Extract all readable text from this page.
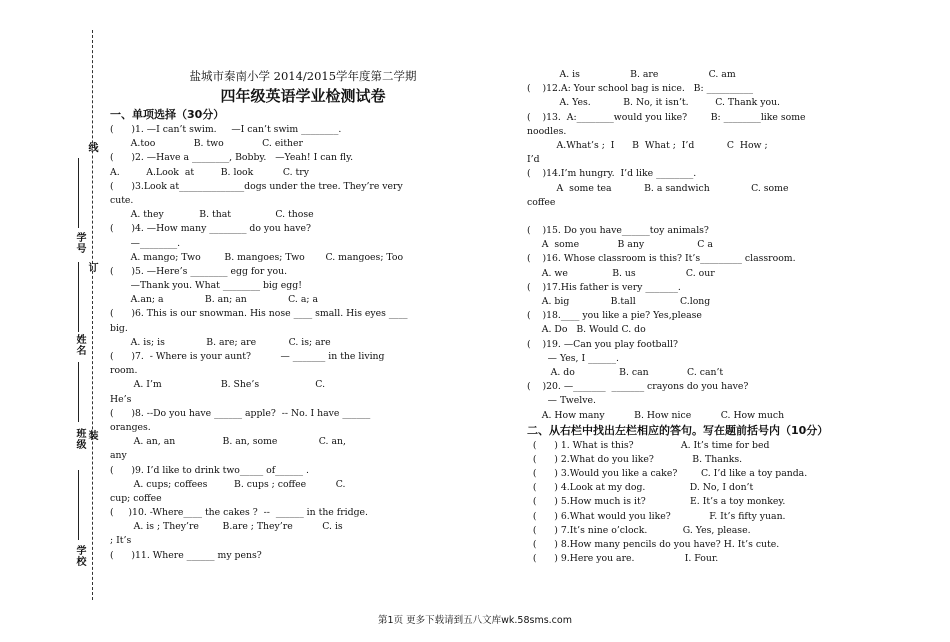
线
订
装
学号
姓名
班级
学校
盐城市秦南小学 2014/2015学年度第二学期
四年级英语学业检测试卷
一、单项选择（30分）
(      )1. —I can’t swim.     —I can’t swim ________.
A.too             B. two             C. either
(      )2. —Have a ________, Bobby.   —Yeah! I can fly.
A.         A.Look  at         B. look          C. try
(      )3.Look at______________dogs under the tree. They’re very
cute.
A. they            B. that               C. those
(      )4. —How many ________ do you have?
—________.
A. mango; Two        B. mangoes; Two       C. mangoes; Too
(      )5. —Here’s ________ egg for you.
—Thank you. What ________ big egg!
A.an; a              B. an; an              C. a; a
(      )6. This is our snowman. His nose ____ small. His eyes ____
big.
A. is; is              B. are; are           C. is; are
(      )7.  - Where is your aunt?          — _______ in the living
room.
A. I’m                    B. She’s                   C.
He’s
(      )8. --Do you have ______ apple?  -- No. I have ______
oranges.
A. an, an                B. an, some              C. an,
any
(      )9. I’d like to drink two_____ of______ .
A. cups; coffees         B. cups ; coffee          C.
cup; coffee
(     )10. -Where____ the cakes ?  --  ______ in the fridge.
A. is ; They’re        B.are ; They’re          C. is
; It’s
(      )11. Where ______ my pens?
A. is                 B. are                 C. am
(    )12.A: Your school bag is nice.   B: __________
A. Yes.           B. No, it isn’t.         C. Thank you.
(    )13.  A:________would you like?        B: ________like some
noodles.
A.What’s ;  I      B  What ;  I’d           C  How ;
I’d
(    )14.I’m hungry.  I’d like ________.
A  some tea           B. a sandwich              C. some
coffee
(    )15. Do you have______toy animals?
A  some             B any                  C a
(    )16. Whose classroom is this? It’s_________ classroom.
A. we               B. us                 C. our
(    )17.His father is very _______.
A. big              B.tall               C.long
(    )18.____ you like a pie? Yes,please
A. Do   B. Would C. do
(    )19. —Can you play football?
— Yes, I ______.
A. do               B. can             C. can’t
(    )20. —_______  _______ crayons do you have?
— Twelve.
A. How many          B. How nice          C. How much
二、从右栏中找出左栏相应的答句。写在题前括号内（10分）
(      ) 1. What is this?                A. It’s time for bed
(      ) 2.What do you like?             B. Thanks.
(      ) 3.Would you like a cake?        C. I’d like a toy panda.
(      ) 4.Look at my dog.               D. No, I don’t
(      ) 5.How much is it?               E. It’s a toy monkey.
(      ) 6.What would you like?             F. It’s fifty yuan.
(      ) 7.It’s nine o’clock.            G. Yes, please.
(      ) 8.How many pencils do you have? H. It’s cute.
(      ) 9.Here you are.                 I. Four.
第1页 更多下载请到五八文库wk.58sms.com
